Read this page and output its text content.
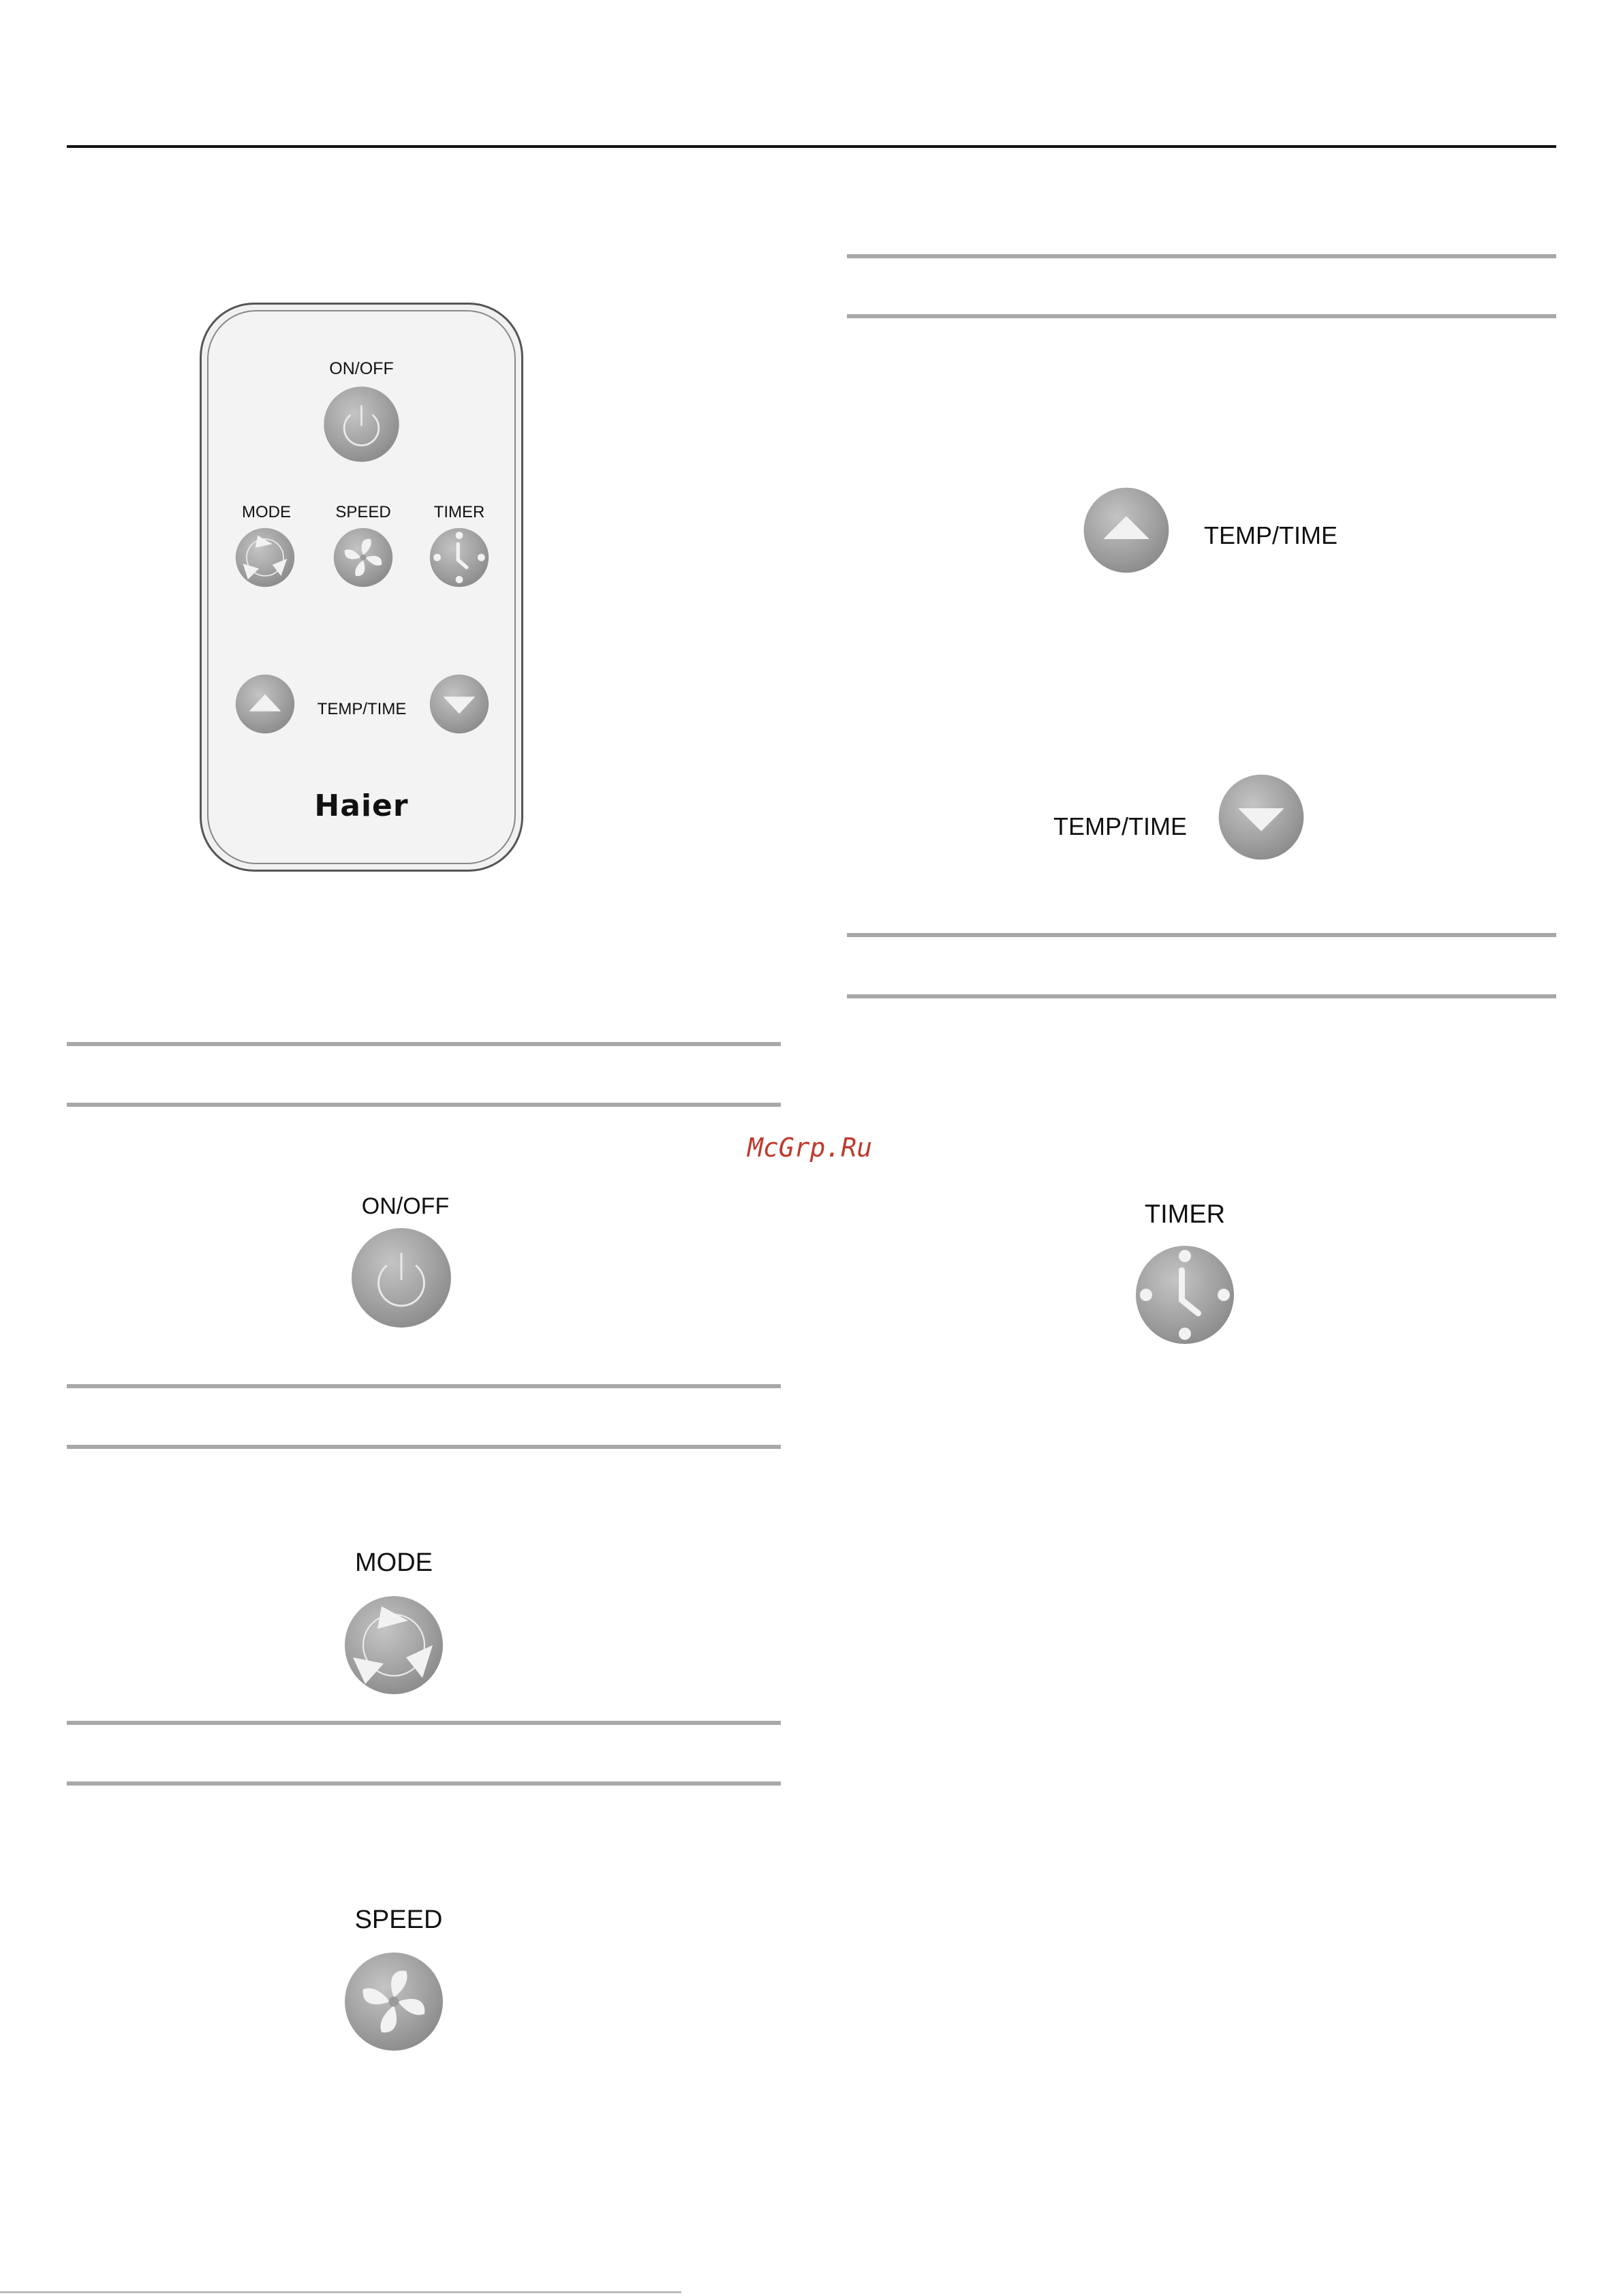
ON/OFF
MODE	SPEED	TIMER
TEMP/TIME
Haier
TEMP/TIME
TEMP/TIME
McGrp.Ru
TIMER
ON/OFF
MODE
SPEED
